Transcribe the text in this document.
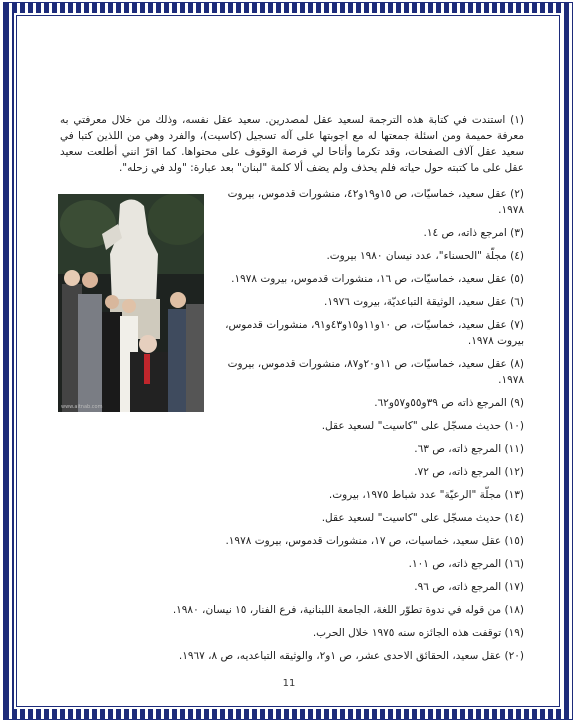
(١) استندت في كتابة هذه الترجمة لسعيد عقل لمصدرين. سعيد عقل نفسه، وذلك من خلال معرفتي به معرفة حميمة ومن اسئلة جمعتها له مع اجوبتها على آله تسجيل (كاسيت)، والفرد وهي من اللذين كتبا في سعيد عقل آلاف الصفحات، وقد تكرما وأتاحا لي فرصة الوقوف على محتواها. كما اقرّ انني أطلعت سعيد عقل على ما كتبته حول حياته فلم يحذف ولم يضف ألا كلمة "لبنان" بعد عبارة: "ولد في زحله".

(٢) عقل سعيد، خماسيّات، ص ١٥و١٩و٤٢، منشورات قدموس، بيروت ١٩٧٨.

(٣) امرجع ذاته، ص ١٤.

(٤) مجلّة "الحسناء"، عدد نيسان ١٩٨٠ بيروت.

(٥) عقل سعيد، خماسيّات، ص ١٦، منشورات قدموس، بيروت ١٩٧٨.

(٦) عقل سعيد، الوثيقة التباعديّة، بيروت ١٩٧٦.

(٧) عقل سعيد، خماسيّات، ص ١٠و١١و١٥و٤٣و٩١، منشورات قدموس، بيروت ١٩٧٨.

(٨) عقل سعيد، خماسيّات، ص ١١و٢٠و٨٧، منشورات قدموس، بيروت ١٩٧٨.

(٩) المرجع ذاته ص ٣٩و٥٥و٥٧و٦٢.

(١٠) حديث مسجّل على "كاسيت" لسعيد عقل.

(١١) المرجع ذاته، ص ٦٣.

(١٢) المرجع ذاته، ص ٧٢.

(١٣) مجلّة "الرعيّة" عدد شباط ١٩٧٥، بيروت.

(١٤) حديث مسجّل على "كاسيت" لسعيد عقل.

(١٥) عقل سعيد، خماسيات، ص ١٧، منشورات قدموس، بيروت ١٩٧٨.

(١٦) المرجع ذاته، ص ١٠١.

(١٧) المرجع ذاته، ص ٩٦.

(١٨) من قوله في ندوة تطوّر اللغة، الجامعة اللبنانية، فرع الفنار، ١٥ نيسان، ١٩٨٠.

(١٩) توقفت هذه الجائزه سنه ١٩٧٥ خلال الحرب.

(٢٠) عقل سعيد، الحقائق الاحدى عشر، ص ١و٢، والوثيقه التباعديه، ص ٨، ١٩٦٧.

www.aitnab.com
11
